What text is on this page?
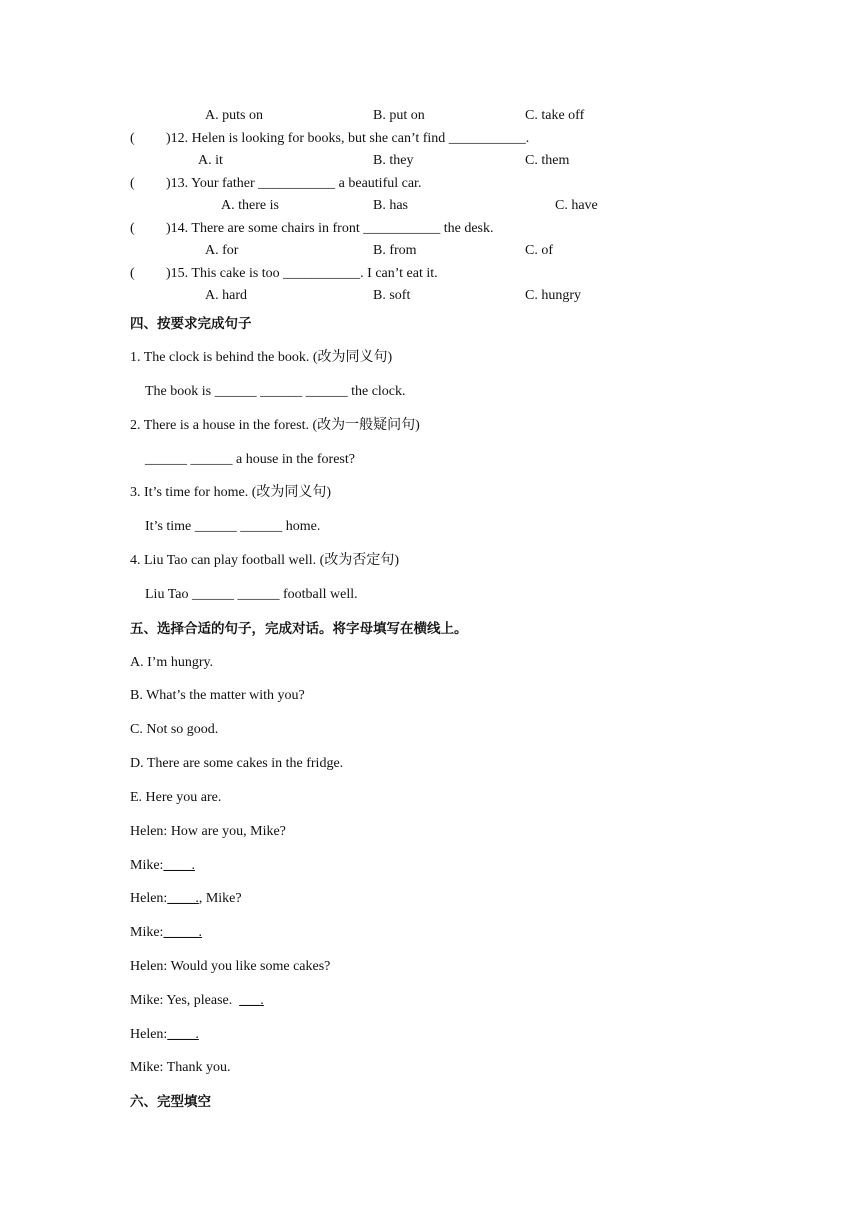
A. puts on	B. put on	C. take off
( )12. Helen is looking for books, but she can’t find ___________.
A. it	B. they	C. them
( )13. Your father ___________ a beautiful car.
A. there is	B. has	C. have
( )14. There are some chairs in front ___________ the desk.
A. for	B. from	C. of
( )15. This cake is too ___________. I can’t eat it.
A. hard	B. soft	C. hungry
四、按要求完成句子
1. The clock is behind the book. (改为同义句)
The book is ______ ______ ______ the clock.
2. There is a house in the forest. (改为一般疑问句)
______ ______ a house in the forest?
3. It’s time for home. (改为同义句)
It’s time ______ ______ home.
4. Liu Tao can play football well. (改为否定句)
Liu Tao ______ ______ football well.
五、选择合适的句子，完成对话。将字母填写在横线上。
A. I’m hungry.
B. What’s the matter with you?
C. Not so good.
D. There are some cakes in the fridge.
E. Here you are.
Helen: How are you, Mike?
Mike:____.
Helen:____., Mike?
Mike:_____.
Helen: Would you like some cakes?
Mike: Yes, please.  ___.
Helen:____.
Mike: Thank you.
六、完型填空
